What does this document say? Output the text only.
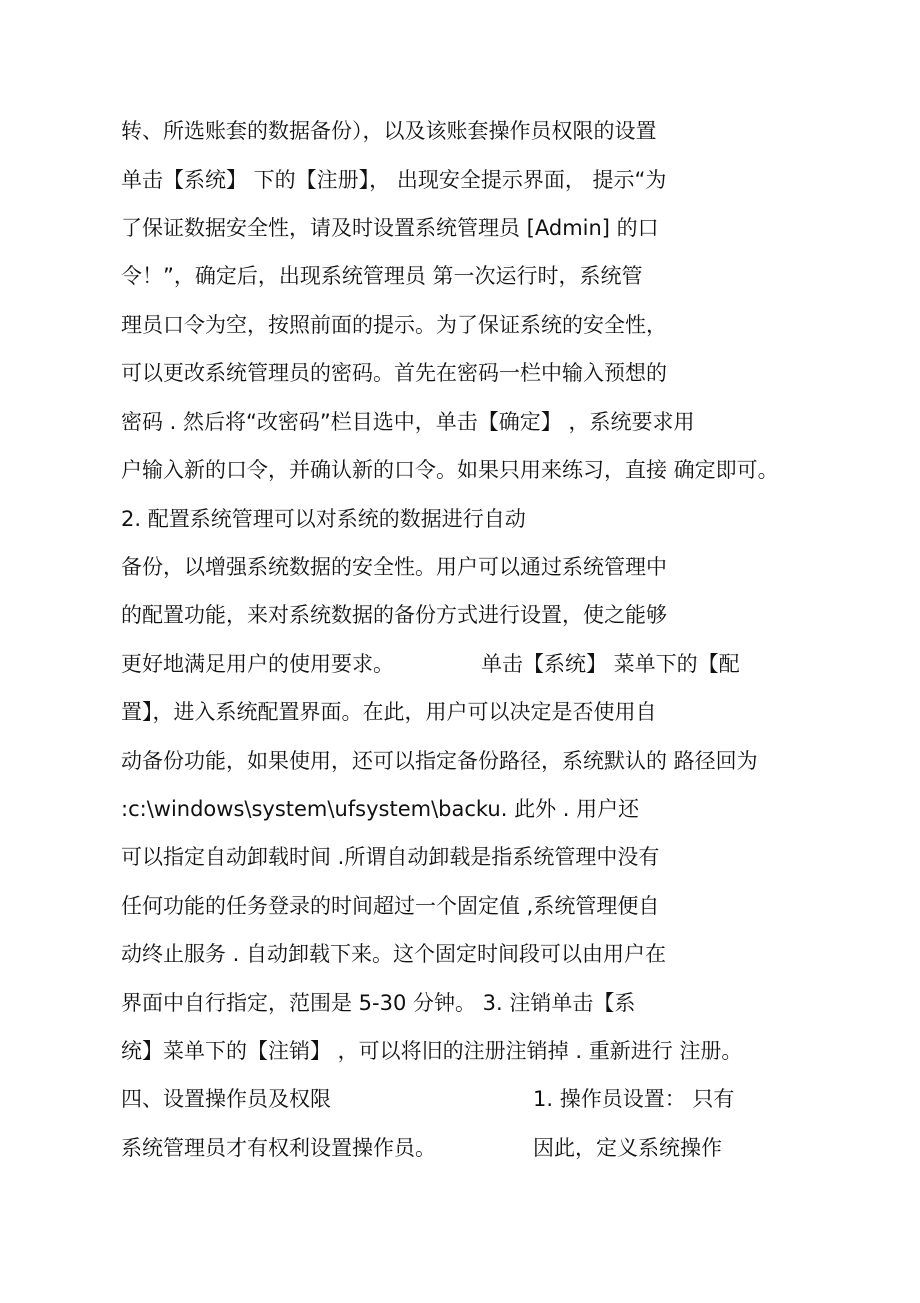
转、所选账套的数据备份），以及该账套操作员权限的设置
单击【系统】 下的【注册】， 出现安全提示界面， 提示“为
了保证数据安全性，请及时设置系统管理员 [Admin] 的口
令！”，确定后，出现系统管理员 第一次运行时，系统管
理员口令为空，按照前面的提示。为了保证系统的安全性，
可以更改系统管理员的密码。首先在密码一栏中输入预想的
密码 . 然后将“改密码”栏目选中，单击【确定】 ，系统要求用
户输入新的口令，并确认新的口令。如果只用来练习，直接 确定即可。
2. 配置系统管理可以对系统的数据进行自动
备份，以增强系统数据的安全性。用户可以通过系统管理中
的配置功能，来对系统数据的备份方式进行设置，使之能够
更好地满足用户的使用要求。	单击【系统】 菜单下的【配
置】，进入系统配置界面。在此，用户可以决定是否使用自
动备份功能，如果使用，还可以指定备份路径，系统默认的 路径回为
:c:\windows\system\ufsystem\backu. 此外 . 用户还
可以指定自动卸载时间 .所谓自动卸载是指系统管理中没有
任何功能的任务登录的时间超过一个固定值 ,系统管理便自
动终止服务 . 自动卸载下来。这个固定时间段可以由用户在
界面中自行指定，范围是 5-30 分钟。 3. 注销单击【系
统】菜单下的【注销】 ，可以将旧的注册注销掉 . 重新进行 注册。
四、设置操作员及权限	1. 操作员设置： 只有
系统管理员才有权利设置操作员。	因此，定义系统操作
